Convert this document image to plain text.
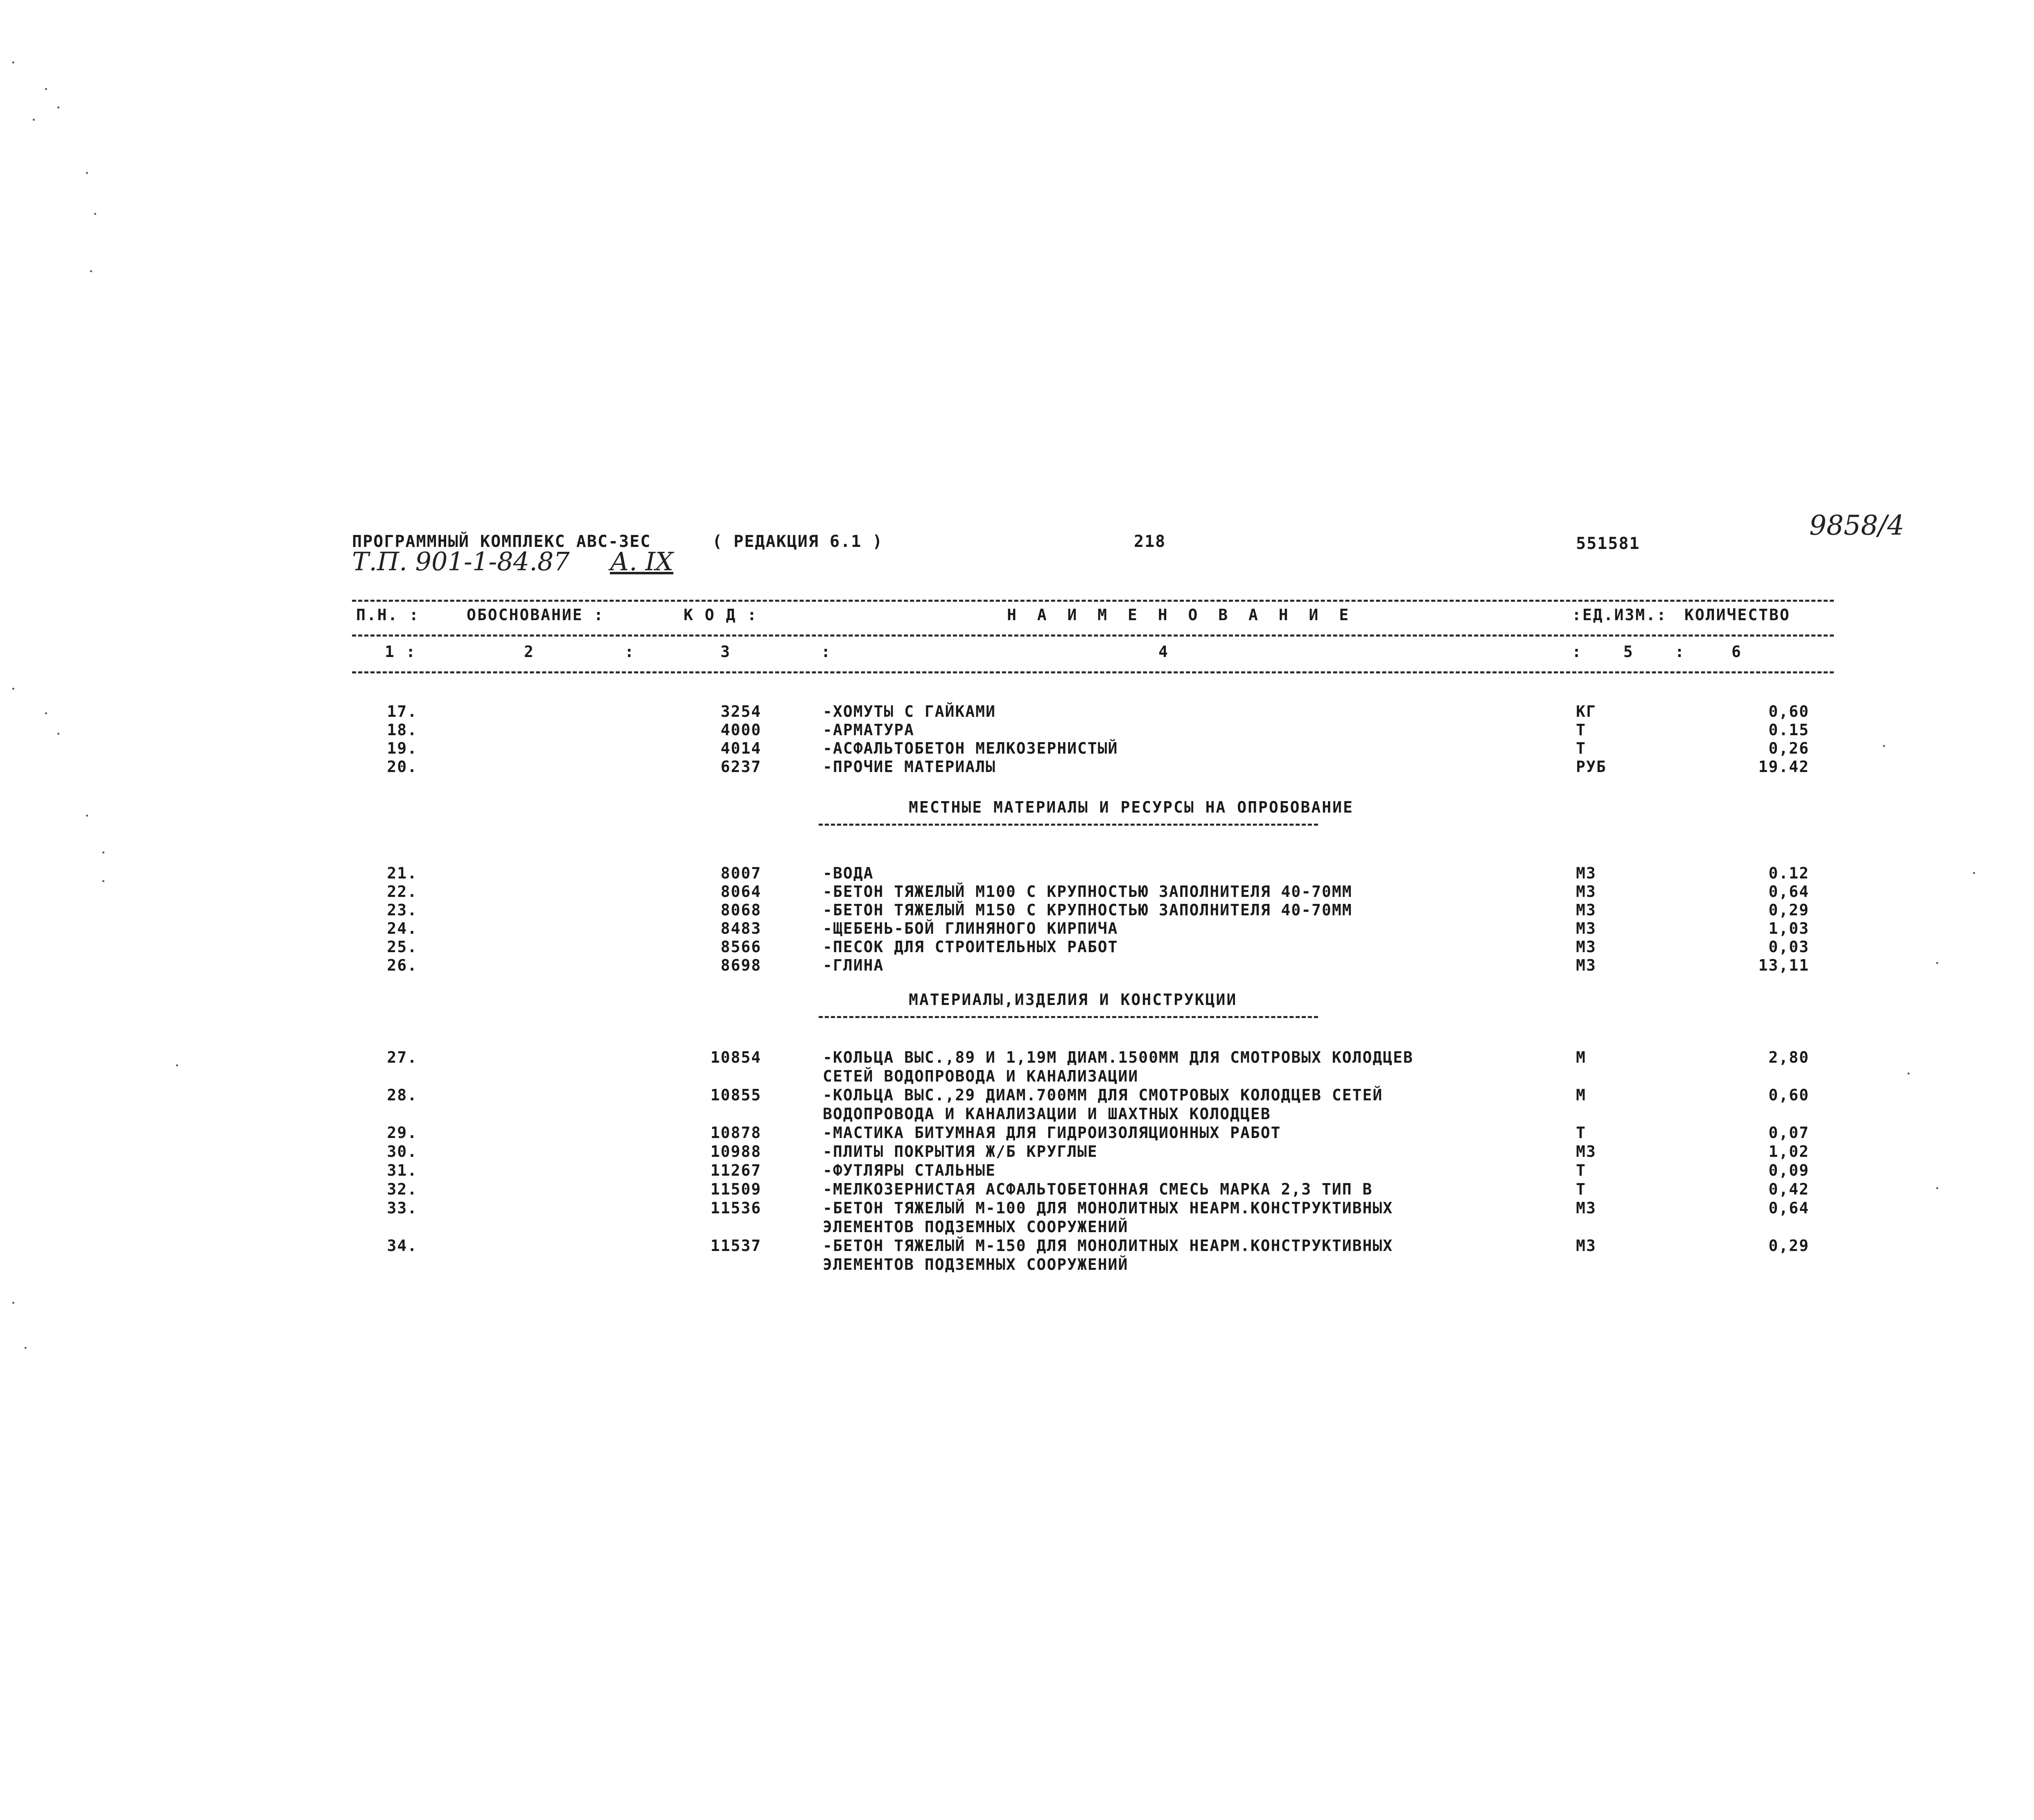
ПРОГРАММНЫЙ КОМПЛЕКС АВС-3ЕС	( РЕДАКЦИЯ 6.1 )	218	551581
Т.П. 901-1-84.87 А. IX
9858/4
П.Н. :	ОБОСНОВАНИЕ :	К О Д :	Н А И М Е Н О В А Н И Е	:ЕД.ИЗМ.: КОЛИЧЕСТВО
1 :	2 :	3 :	4	: 5 : 6
17.	3254	-ХОМУТЫ С ГАЙКАМИ	КГ	0,60
18.	4000	-АРМАТУРА	Т	0.15
19.	4014	-АСФАЛЬТОБЕТОН МЕЛКОЗЕРНИСТЫЙ	Т	0,26
20.	6237	-ПРОЧИЕ МАТЕРИАЛЫ	РУБ	19.42
МЕСТНЫЕ МАТЕРИАЛЫ И РЕСУРСЫ НА ОПРОБОВАНИЕ
21.	8007	-ВОДА	М3	0.12
22.	8064	-БЕТОН ТЯЖЕЛЫЙ М100 С КРУПНОСТЬЮ ЗАПОЛНИТЕЛЯ 40-70ММ	М3	0,64
23.	8068	-БЕТОН ТЯЖЕЛЫЙ М150 С КРУПНОСТЬЮ ЗАПОЛНИТЕЛЯ 40-70ММ	М3	0,29
24.	8483	-ЩЕБЕНЬ-БОЙ ГЛИНЯНОГО КИРПИЧА	М3	1,03
25.	8566	-ПЕСОК ДЛЯ СТРОИТЕЛЬНЫХ РАБОТ	М3	0,03
26.	8698	-ГЛИНА	М3	13,11
МАТЕРИАЛЫ,ИЗДЕЛИЯ И КОНСТРУКЦИИ
27.	10854	-КОЛЬЦА ВЫС.,89 И 1,19М ДИАМ.1500ММ ДЛЯ СМОТРОВЫХ КОЛОДЦЕВ
СЕТЕЙ ВОДОПРОВОДА И КАНАЛИЗАЦИИ
М	2,80
28.	10855	-КОЛЬЦА ВЫС.,29 ДИАМ.700ММ ДЛЯ СМОТРОВЫХ КОЛОДЦЕВ СЕТЕЙ
ВОДОПРОВОДА И КАНАЛИЗАЦИИ И ШАХТНЫХ КОЛОДЦЕВ
М	0,60
29.	10878	-МАСТИКА БИТУМНАЯ ДЛЯ ГИДРОИЗОЛЯЦИОННЫХ РАБОТ	Т	0,07
30.	10988	-ПЛИТЫ ПОКРЫТИЯ Ж/Б КРУГЛЫЕ	М3	1,02
31.	11267	-ФУТЛЯРЫ СТАЛЬНЫЕ	Т	0,09
32.	11509	-МЕЛКОЗЕРНИСТАЯ АСФАЛЬТОБЕТОННАЯ СМЕСЬ МАРКА 2,3 ТИП В	Т	0,42
33.	11536	-БЕТОН ТЯЖЕЛЫЙ М-100 ДЛЯ МОНОЛИТНЫХ НЕАРМ.КОНСТРУКТИВНЫХ
ЭЛЕМЕНТОВ ПОДЗЕМНЫХ СООРУЖЕНИЙ
М3	0,64
34.	11537	-БЕТОН ТЯЖЕЛЫЙ М-150 ДЛЯ МОНОЛИТНЫХ НЕАРМ.КОНСТРУКТИВНЫХ
ЭЛЕМЕНТОВ ПОДЗЕМНЫХ СООРУЖЕНИЙ
М3	0,29
